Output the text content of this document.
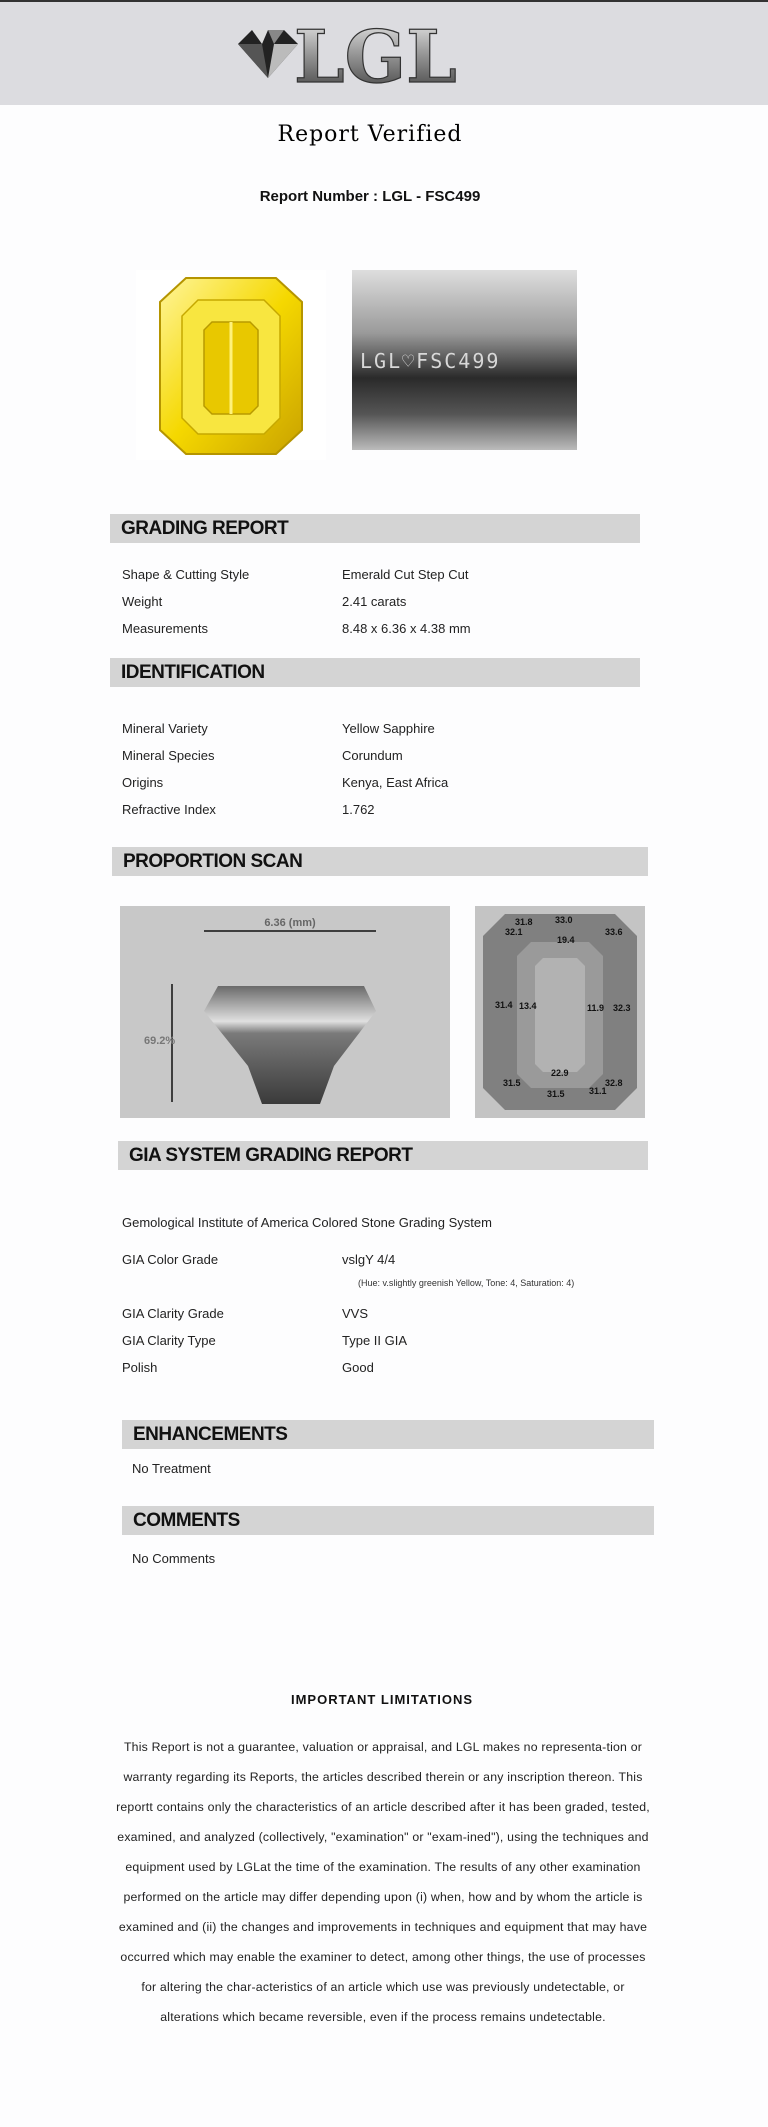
LGL
Report Verified
Report Number : LGL - FSC499
LGL♡FSC499
GRADING REPORT
Shape & Cutting Style	Emerald Cut Step Cut
Weight	2.41 carats
Measurements	8.48 x 6.36 x 4.38 mm
IDENTIFICATION
Mineral Variety	Yellow Sapphire
Mineral Species	Corundum
Origins	Kenya, East Africa
Refractive Index	1.762
PROPORTION SCAN
6.36 (mm)
69.2%
31.8 33.0
32.1
19.4
33.6
31.4 13.4	11.9 32.3
22.9
31.5	32.8
31.5	31.1
GIA SYSTEM GRADING REPORT
Gemological Institute of America Colored Stone Grading System
GIA Color Grade	vslgY 4/4
(Hue: v.slightly greenish Yellow, Tone: 4, Saturation: 4)
GIA Clarity Grade	VVS
GIA Clarity Type	Type II GIA
Polish	Good
ENHANCEMENTS
No Treatment
COMMENTS
No Comments
IMPORTANT LIMITATIONS
This Report is not a guarantee, valuation or appraisal, and LGL makes no representa-tion or warranty regarding its Reports, the articles described therein or any inscription thereon. This reportt contains only the characteristics of an article described after it has been graded, tested, examined, and analyzed (collectively, "examination" or "exam-ined"), using the techniques and equipment used by LGLat the time of the examination. The results of any other examination performed on the article may differ depending upon (i) when, how and by whom the article is examined and (ii) the changes and improvements in techniques and equipment that may have occurred which may enable the examiner to detect, among other things, the use of processes for altering the char-acteristics of an article which use was previously undetectable, or alterations which became reversible, even if the process remains undetectable.
